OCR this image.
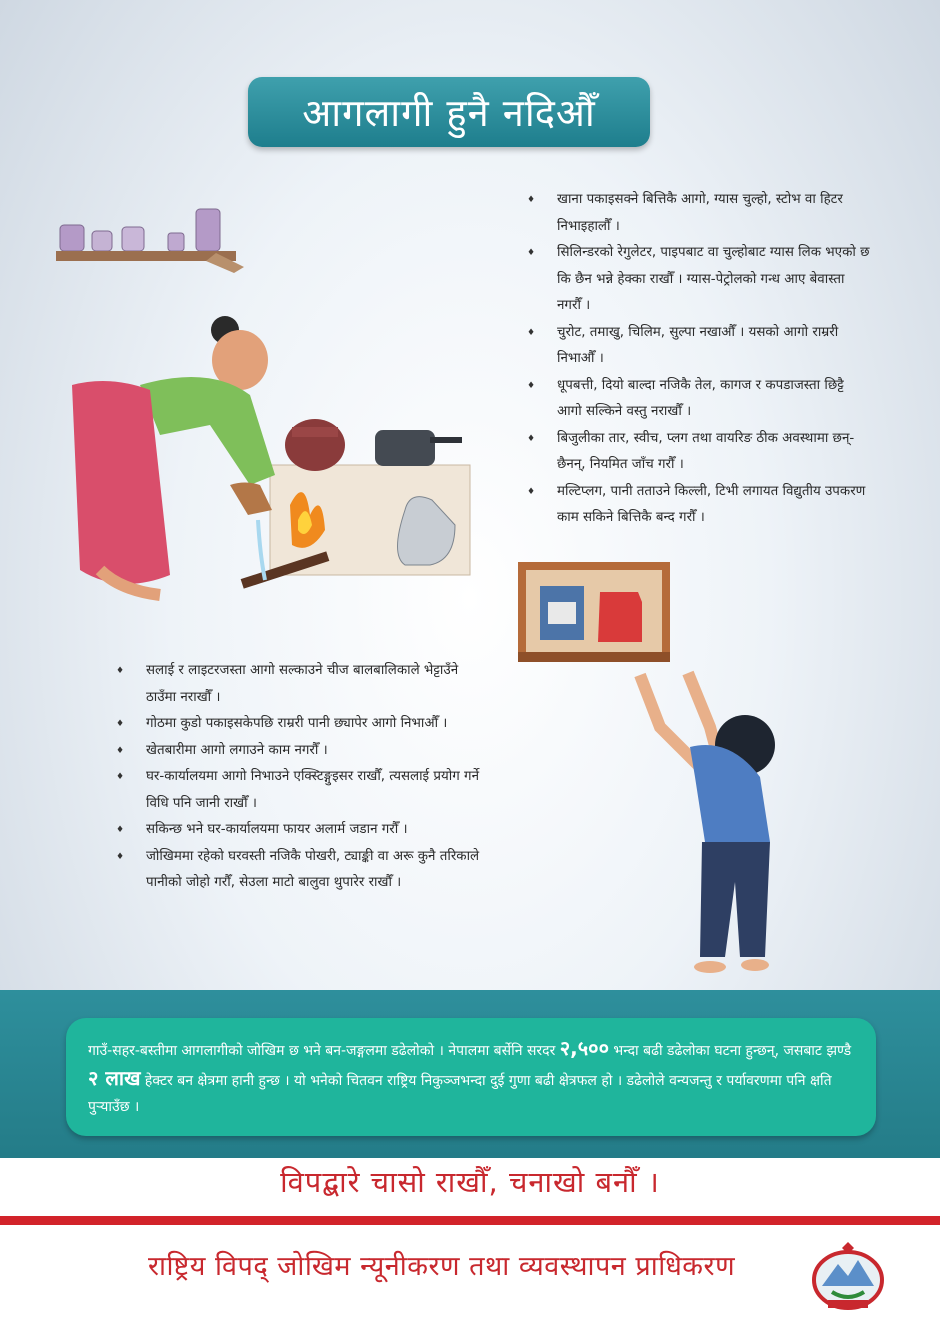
आगलागी हुनै नदिऔँ
♦ खाना पकाइसक्ने बित्तिकै आगो, ग्यास चुल्हो, स्टोभ वा हिटर निभाइहालौँ ।
♦ सिलिन्डरको रेगुलेटर, पाइपबाट वा चुल्होबाट ग्यास लिक भएको छ कि छैन भन्ने हेक्का राखौँ । ग्यास-पेट्रोलको गन्ध आए बेवास्ता नगरौँ ।
♦ चुरोट, तमाखु, चिलिम, सुल्पा नखाऔँ । यसको आगो राम्ररी निभाऔँ ।
♦ धूपबत्ती, दियो बाल्दा नजिकै तेल, कागज र कपडाजस्ता छिट्टै आगो सल्किने वस्तु नराखौँ ।
♦ बिजुलीका तार, स्वीच, प्लग तथा वायरिङ ठीक अवस्थामा छन्-छैनन्, नियमित जाँच गरौँ ।
♦ मल्टिप्लग, पानी तताउने किल्ली, टिभी लगायत विद्युतीय उपकरण काम सकिने बित्तिकै बन्द गरौँ ।
♦ सलाई र लाइटरजस्ता आगो सल्काउने चीज बालबालिकाले भेट्टाउँने ठाउँमा नराखौँ ।
♦ गोठमा कुडो पकाइसकेपछि राम्ररी पानी छ्यापेर आगो निभाऔँ ।
♦ खेतबारीमा आगो लगाउने काम नगरौँ ।
♦ घर-कार्यालयमा आगो निभाउने एक्स्टिङ्गुइसर राखौँ, त्यसलाई प्रयोग गर्ने विधि पनि जानी राखौँ ।
♦ सकिन्छ भने घर-कार्यालयमा फायर अलार्म जडान गरौँ ।
♦ जोखिममा रहेको घरवस्ती नजिकै पोखरी, ट्याङ्की वा अरू कुनै तरिकाले पानीको जोहो गरौँ, सेउला माटो बालुवा थुपारेर राखौँ ।
गाउँ-सहर-बस्तीमा आगलागीको जोखिम छ भने बन-जङ्गलमा डढेलोको । नेपालमा बर्सेनि सरदर २,५०० भन्दा बढी डढेलोका घटना हुन्छन्, जसबाट झण्डै २ लाख हेक्टर बन क्षेत्रमा हानी हुन्छ । यो भनेको चितवन राष्ट्रिय निकुञ्जभन्दा दुई गुणा बढी क्षेत्रफल हो । डढेलोले वन्यजन्तु र पर्यावरणमा पनि क्षति पुऱ्याउँछ ।
विपद्बारे चासो राखौँ, चनाखो बनौँ ।
राष्ट्रिय विपद् जोखिम न्यूनीकरण तथा व्यवस्थापन प्राधिकरण
